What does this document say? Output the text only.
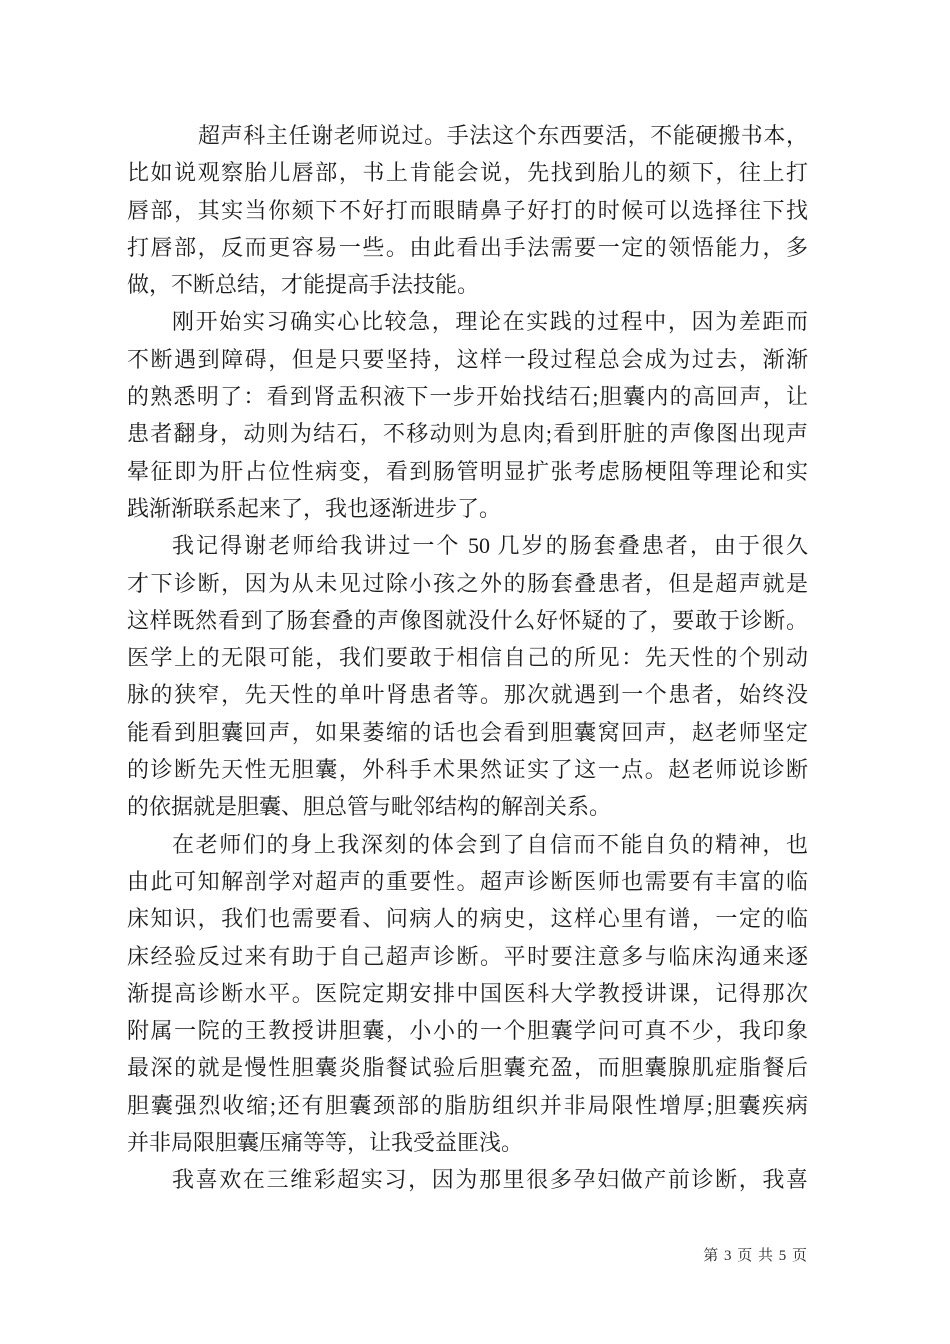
超声科主任谢老师说过。手法这个东西要活，不能硬搬书本，
比如说观察胎儿唇部，书上肯能会说，先找到胎儿的颏下，往上打
唇部，其实当你颏下不好打而眼睛鼻子好打的时候可以选择往下找
打唇部，反而更容易一些。由此看出手法需要一定的领悟能力，多
做，不断总结，才能提高手法技能。
刚开始实习确实心比较急，理论在实践的过程中，因为差距而
不断遇到障碍，但是只要坚持，这样一段过程总会成为过去，渐渐
的熟悉明了：看到肾盂积液下一步开始找结石;胆囊内的高回声，让
患者翻身，动则为结石，不移动则为息肉;看到肝脏的声像图出现声
晕征即为肝占位性病变，看到肠管明显扩张考虑肠梗阻等理论和实
践渐渐联系起来了，我也逐渐进步了。
我记得谢老师给我讲过一个 50 几岁的肠套叠患者，由于很久
才下诊断，因为从未见过除小孩之外的肠套叠患者，但是超声就是
这样既然看到了肠套叠的声像图就没什么好怀疑的了，要敢于诊断。
医学上的无限可能，我们要敢于相信自己的所见：先天性的个别动
脉的狭窄，先天性的单叶肾患者等。那次就遇到一个患者，始终没
能看到胆囊回声，如果萎缩的话也会看到胆囊窝回声，赵老师坚定
的诊断先天性无胆囊，外科手术果然证实了这一点。赵老师说诊断
的依据就是胆囊、胆总管与毗邻结构的解剖关系。
在老师们的身上我深刻的体会到了自信而不能自负的精神，也
由此可知解剖学对超声的重要性。超声诊断医师也需要有丰富的临
床知识，我们也需要看、问病人的病史，这样心里有谱，一定的临
床经验反过来有助于自己超声诊断。平时要注意多与临床沟通来逐
渐提高诊断水平。医院定期安排中国医科大学教授讲课，记得那次
附属一院的王教授讲胆囊，小小的一个胆囊学问可真不少，我印象
最深的就是慢性胆囊炎脂餐试验后胆囊充盈，而胆囊腺肌症脂餐后
胆囊强烈收缩;还有胆囊颈部的脂肪组织并非局限性增厚;胆囊疾病
并非局限胆囊压痛等等，让我受益匪浅。
我喜欢在三维彩超实习，因为那里很多孕妇做产前诊断，我喜
第 3 页 共 5 页
